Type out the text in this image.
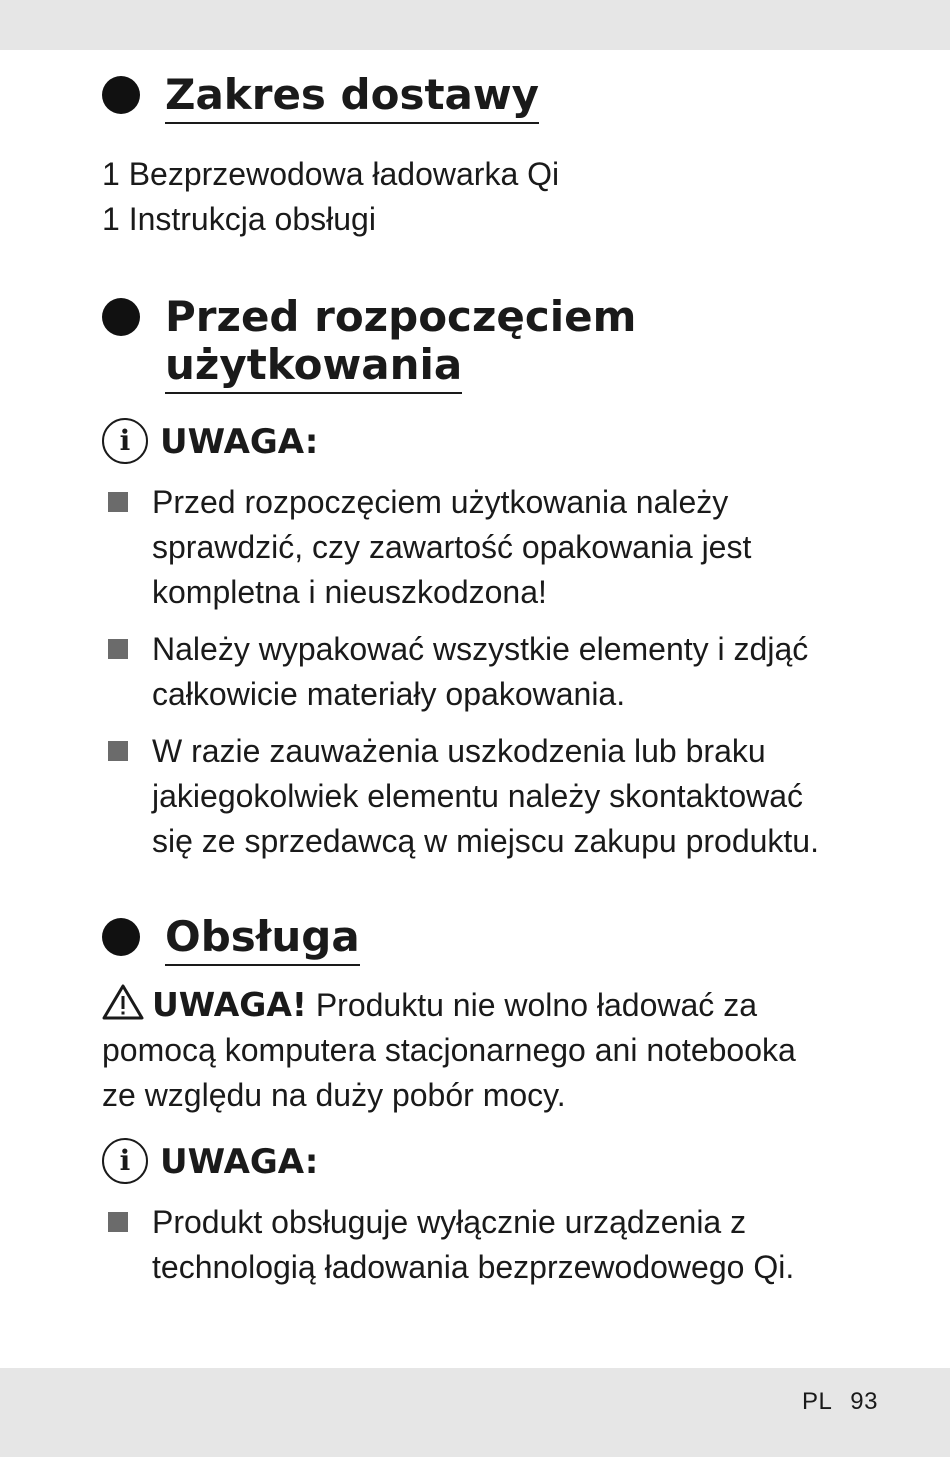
Zakres dostawy
1 Bezprzewodowa ładowarka Qi
1 Instrukcja obsługi
Przed rozpoczęciem
użytkowania
i UWAGA:
Przed rozpoczęciem użytkowania należy
sprawdzić, czy zawartość opakowania jest
kompletna i nieuszkodzona!
Należy wypakować wszystkie elementy i zdjąć
całkowicie materiały opakowania.
W razie zauważenia uszkodzenia lub braku
jakiegokolwiek elementu należy skontaktować
się ze sprzedawcą w miejscu zakupu produktu.
Obsługa
UWAGA! Produktu nie wolno ładować za
pomocą komputera stacjonarnego ani notebooka
ze względu na duży pobór mocy.
i UWAGA:
Produkt obsługuje wyłącznie urządzenia z
technologią ładowania bezprzewodowego Qi.
PL 93
